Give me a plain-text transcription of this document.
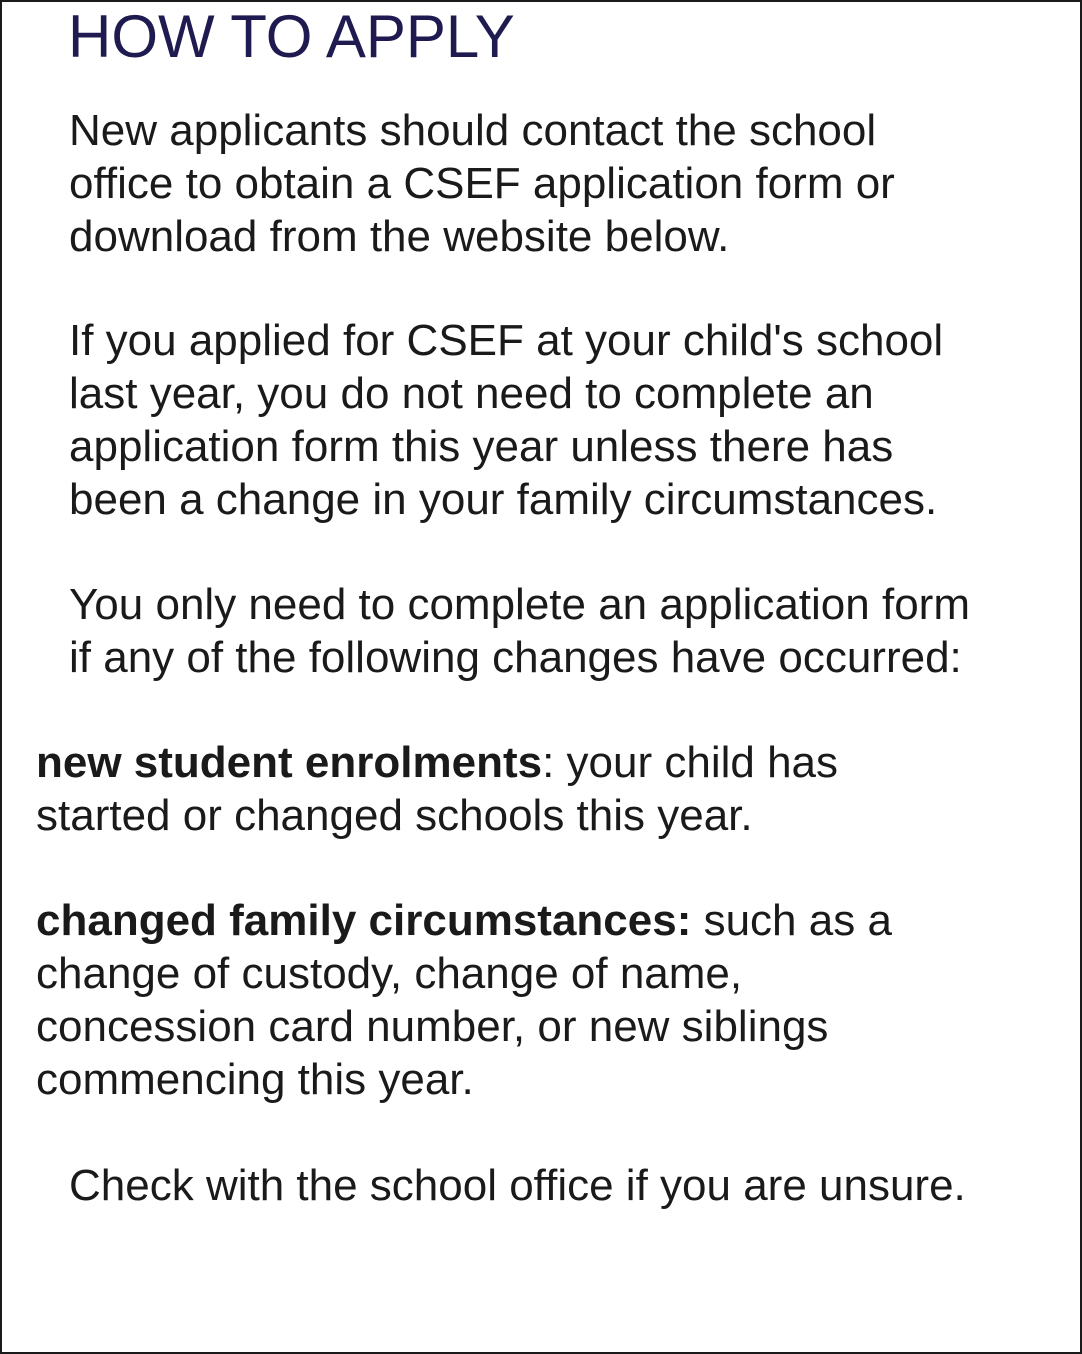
HOW TO APPLY

New applicants should contact the school
office to obtain a CSEF application form or
download from the website below.

If you applied for CSEF at your child's school
last year, you do not need to complete an
application form this year unless there has
been a change in your family circumstances.

You only need to complete an application form
if any of the following changes have occurred:

new student enrolments: your child has
started or changed schools this year.

changed family circumstances: such as a
change of custody, change of name,
concession card number, or new siblings
commencing this year.

Check with the school office if you are unsure.
